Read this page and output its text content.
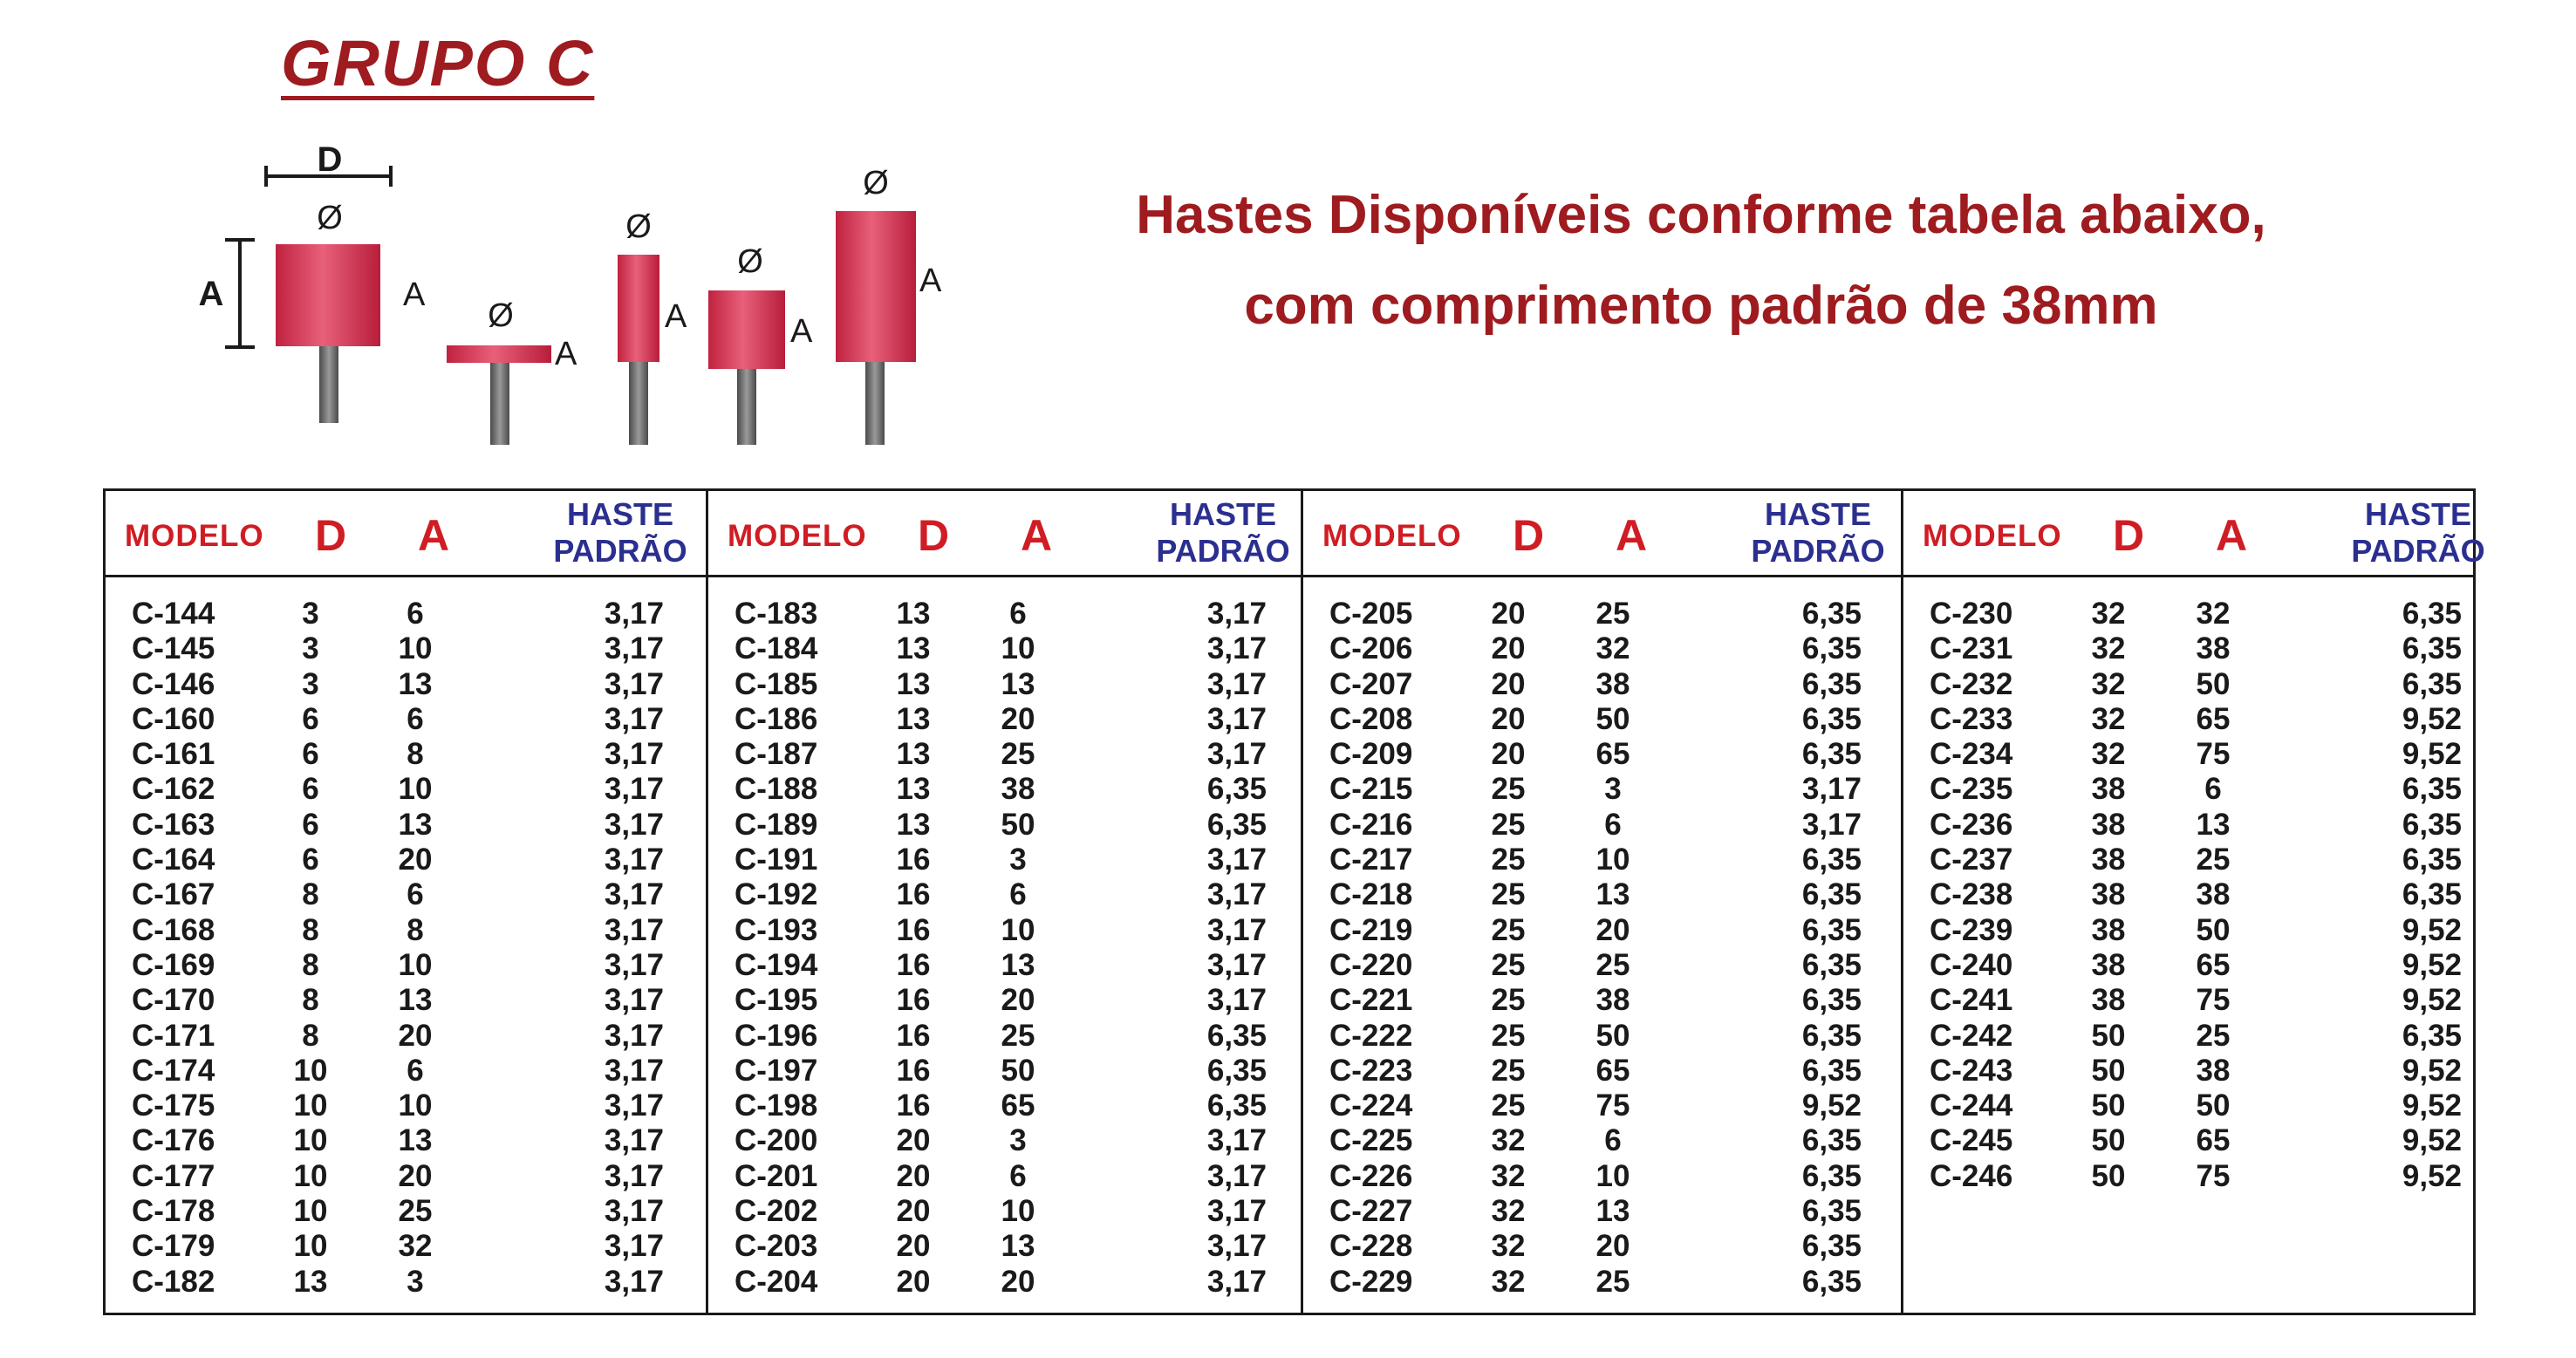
GRUPO C
D
Ø
A	A
Ø
A
Ø
A
Ø
A
Ø
A
Hastes Disponíveis conforme tabela abaixo,
com comprimento padrão de 38mm
MODELO D A	HASTE
PADRÃO
C-144	3	6	3,17
C-145	3	10	3,17
C-146	3	13	3,17
C-160	6	6	3,17
C-161	6	8	3,17
C-162	6	10	3,17
C-163	6	13	3,17
C-164	6	20	3,17
C-167	8	6	3,17
C-168	8	8	3,17
C-169	8	10	3,17
C-170	8	13	3,17
C-171	8	20	3,17
C-174	10	6	3,17
C-175	10	10	3,17
C-176	10	13	3,17
C-177	10	20	3,17
C-178	10	25	3,17
C-179	10	32	3,17
C-182	13	3	3,17
MODELO D A	HASTE
PADRÃO
C-183	13	6	3,17
C-184	13	10	3,17
C-185	13	13	3,17
C-186	13	20	3,17
C-187	13	25	3,17
C-188	13	38	6,35
C-189	13	50	6,35
C-191	16	3	3,17
C-192	16	6	3,17
C-193	16	10	3,17
C-194	16	13	3,17
C-195	16	20	3,17
C-196	16	25	6,35
C-197	16	50	6,35
C-198	16	65	6,35
C-200	20	3	3,17
C-201	20	6	3,17
C-202	20	10	3,17
C-203	20	13	3,17
C-204	20	20	3,17
MODELO D A	HASTE
PADRÃO
C-205	20	25	6,35
C-206	20	32	6,35
C-207	20	38	6,35
C-208	20	50	6,35
C-209	20	65	6,35
C-215	25	3	3,17
C-216	25	6	3,17
C-217	25	10	6,35
C-218	25	13	6,35
C-219	25	20	6,35
C-220	25	25	6,35
C-221	25	38	6,35
C-222	25	50	6,35
C-223	25	65	6,35
C-224	25	75	9,52
C-225	32	6	6,35
C-226	32	10	6,35
C-227	32	13	6,35
C-228	32	20	6,35
C-229	32	25	6,35
MODELO D A	HASTE
PADRÃO
C-230	32	32	6,35
C-231	32	38	6,35
C-232	32	50	6,35
C-233	32	65	9,52
C-234	32	75	9,52
C-235	38	6	6,35
C-236	38	13	6,35
C-237	38	25	6,35
C-238	38	38	6,35
C-239	38	50	9,52
C-240	38	65	9,52
C-241	38	75	9,52
C-242	50	25	6,35
C-243	50	38	9,52
C-244	50	50	9,52
C-245	50	65	9,52
C-246	50	75	9,52
